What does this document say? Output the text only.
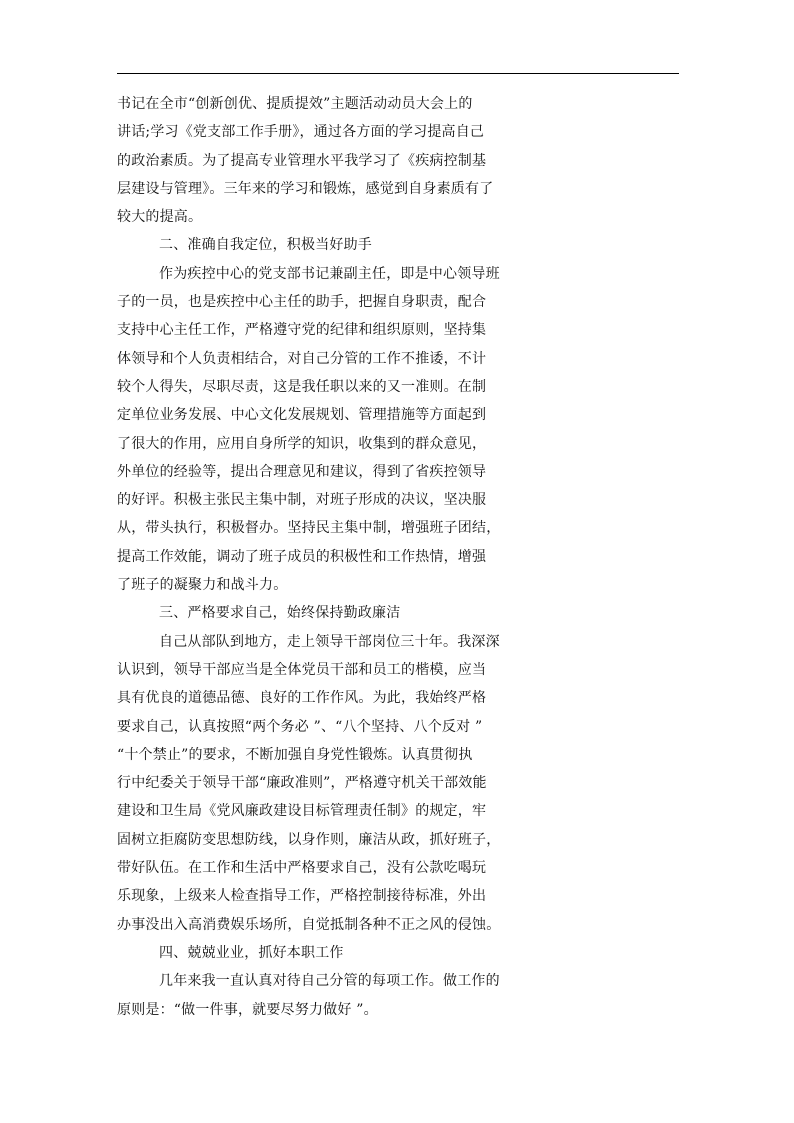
书记在全市“创新创优、提质提效”主题活动动员大会上的
讲话;学习《党支部工作手册》，通过各方面的学习提高自己
的政治素质。为了提高专业管理水平我学习了《疾病控制基
层建设与管理》。三年来的学习和锻炼，感觉到自身素质有了
较大的提高。
二、准确自我定位，积极当好助手
作为疾控中心的党支部书记兼副主任，即是中心领导班
子的一员，也是疾控中心主任的助手，把握自身职责，配合
支持中心主任工作，严格遵守党的纪律和组织原则，坚持集
体领导和个人负责相结合，对自己分管的工作不推诿，不计
较个人得失，尽职尽责，这是我任职以来的又一准则。在制
定单位业务发展、中心文化发展规划、管理措施等方面起到
了很大的作用，应用自身所学的知识，收集到的群众意见，
外单位的经验等，提出合理意见和建议，得到了省疾控领导
的好评。积极主张民主集中制，对班子形成的决议，坚决服
从，带头执行，积极督办。坚持民主集中制，增强班子团结，
提高工作效能，调动了班子成员的积极性和工作热情，增强
了班子的凝聚力和战斗力。
三、严格要求自己，始终保持勤政廉洁
自己从部队到地方，走上领导干部岗位三十年。我深深
认识到，领导干部应当是全体党员干部和员工的楷模，应当
具有优良的道德品德、良好的工作作风。为此，我始终严格
要求自己，认真按照“两个务必 ”、“八个坚持、八个反对 ”
“十个禁止”的要求，不断加强自身党性锻炼。认真贯彻执
行中纪委关于领导干部“廉政准则”，严格遵守机关干部效能
建设和卫生局《党风廉政建设目标管理责任制》的规定，牢
固树立拒腐防变思想防线，以身作则，廉洁从政，抓好班子，
带好队伍。在工作和生活中严格要求自己，没有公款吃喝玩
乐现象，上级来人检查指导工作，严格控制接待标准，外出
办事没出入高消费娱乐场所，自觉抵制各种不正之风的侵蚀。
四、兢兢业业，抓好本职工作
几年来我一直认真对待自己分管的每项工作。做工作的
原则是：“做一件事，就要尽努力做好 ”。
